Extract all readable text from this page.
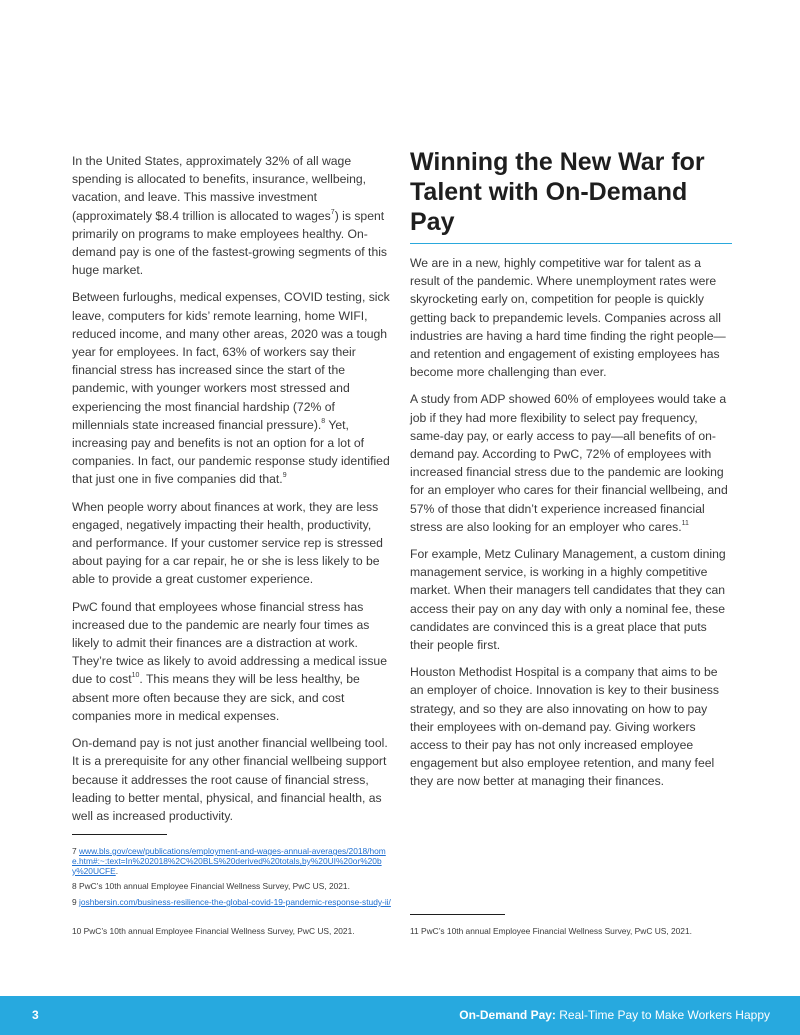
In the United States, approximately 32% of all wage spending is allocated to benefits, insurance, wellbeing, vacation, and leave. This massive investment (approximately $8.4 trillion is allocated to wages$^7$) is spent primarily on programs to make employees healthy. On-demand pay is one of the fastest-growing segments of this huge market.

Between furloughs, medical expenses, COVID testing, sick leave, computers for kids’ remote learning, home WIFI, reduced income, and many other areas, 2020 was a tough year for employees. In fact, 63% of workers say their financial stress has increased since the start of the pandemic, with younger workers most stressed and experiencing the most financial hardship (72% of millennials state increased financial pressure).$^8$ Yet, increasing pay and benefits is not an option for a lot of companies. In fact, our pandemic response study identified that just one in five companies did that.$^9$

When people worry about finances at work, they are less engaged, negatively impacting their health, productivity, and performance. If your customer service rep is stressed about paying for a car repair, he or she is less likely to be able to provide a great customer experience.

PwC found that employees whose financial stress has increased due to the pandemic are nearly four times as likely to admit their finances are a distraction at work. They’re twice as likely to avoid addressing a medical issue due to cost$^{10}$. This means they will be less healthy, be absent more often because they are sick, and cost companies more in medical expenses.

On-demand pay is not just another financial wellbeing tool. It is a prerequisite for any other financial wellbeing support because it addresses the root cause of financial stress, leading to better mental, physical, and financial health, as well as increased productivity.

Winning the New War for Talent with On-Demand Pay

We are in a new, highly competitive war for talent as a result of the pandemic. Where unemployment rates were skyrocketing early on, competition for people is quickly getting back to prepandemic levels. Companies across all industries are having a hard time finding the right people—and retention and engagement of existing employees has become more challenging than ever.

A study from ADP showed 60% of employees would take a job if they had more flexibility to select pay frequency, same-day pay, or early access to pay—all benefits of on-demand pay. According to PwC, 72% of employees with increased financial stress due to the pandemic are looking for an employer who cares for their financial wellbeing, and 57% of those that didn’t experience increased financial stress are also looking for an employer who cares.$^{11}$

For example, Metz Culinary Management, a custom dining management service, is working in a highly competitive market. When their managers tell candidates that they can access their pay on any day with only a nominal fee, these candidates are convinced this is a great place that puts their people first.

Houston Methodist Hospital is a company that aims to be an employer of choice. Innovation is key to their business strategy, and so they are also innovating on how to pay their employees with on-demand pay. Giving workers access to their pay has not only increased employee engagement but also employee retention, and many feel they are now better at managing their finances.

7 www.bls.gov/cew/publications/employment-and-wages-annual-averages/2018/home.htm#:~:text=In%202018%2C%20BLS%20derived%20totals,by%20UI%20or%20by%20UCFE.
8 PwC’s 10th annual Employee Financial Wellness Survey, PwC US, 2021.
9 joshbersin.com/business-resilience-the-global-covid-19-pandemic-response-study-ii/
10 PwC’s 10th annual Employee Financial Wellness Survey, PwC US, 2021.	11 PwC’s 10th annual Employee Financial Wellness Survey, PwC US, 2021.
3	On-Demand Pay: Real-Time Pay to Make Workers Happy
